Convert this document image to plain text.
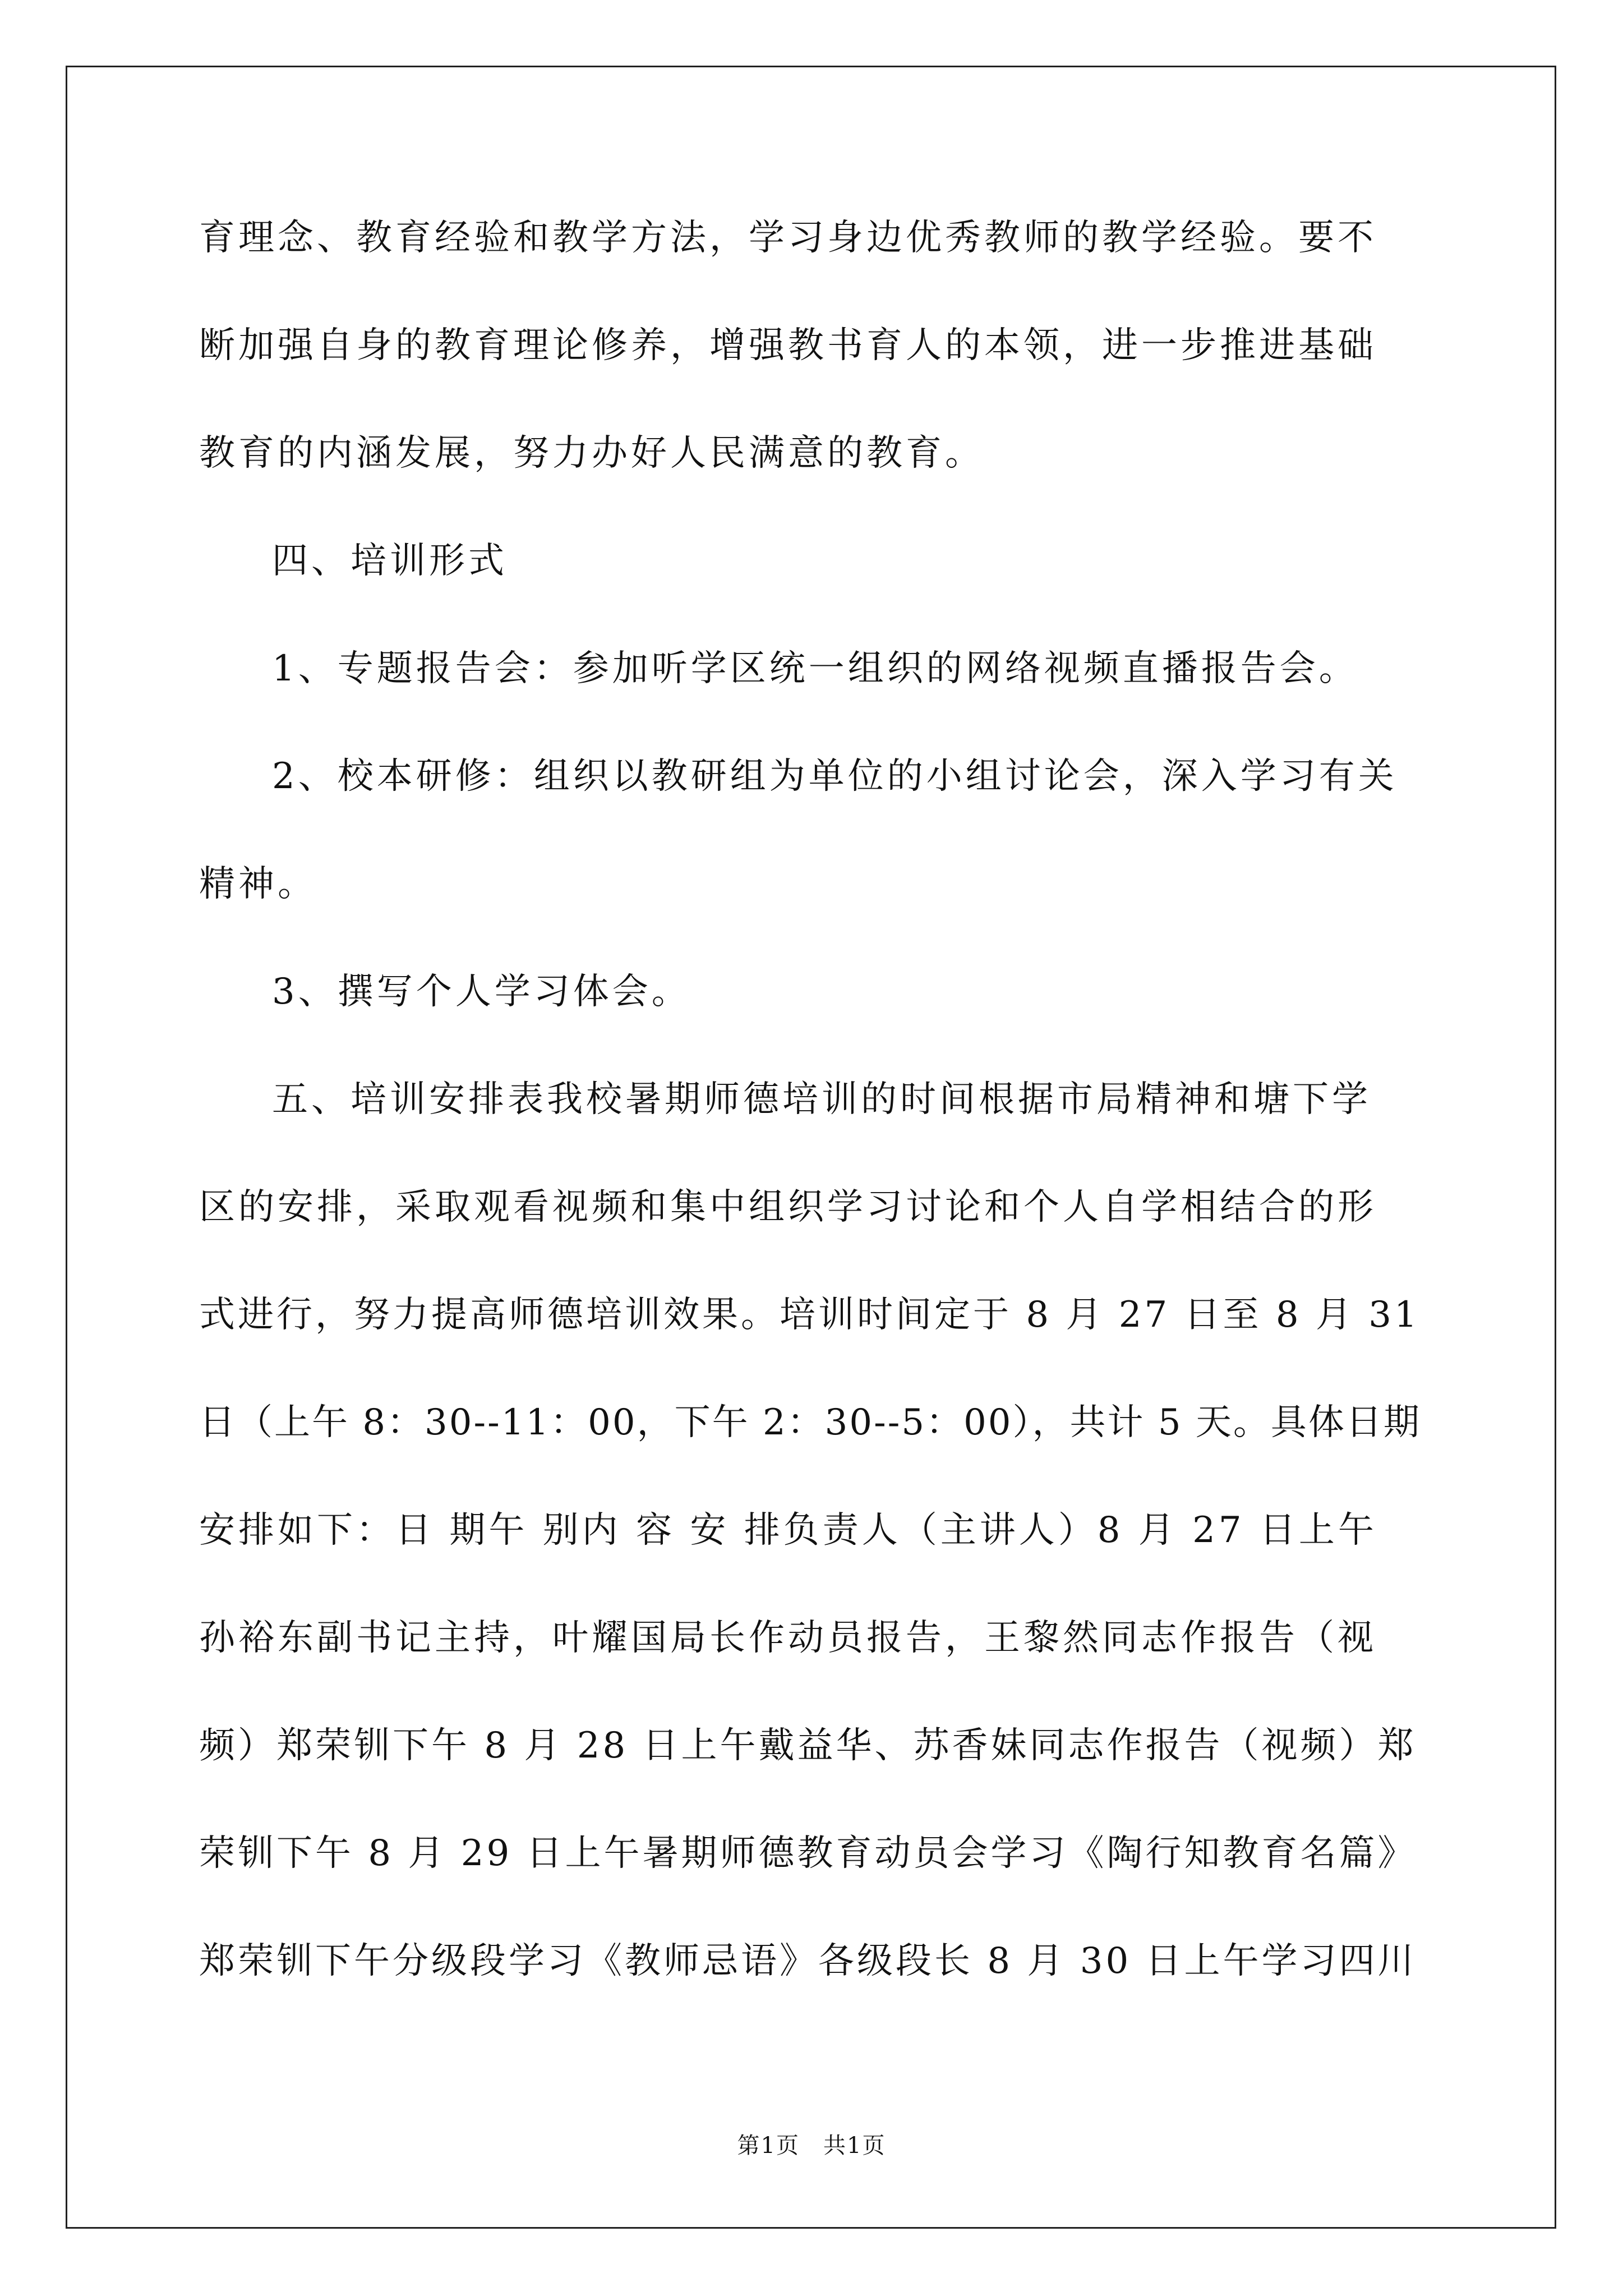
育理念、教育经验和教学方法，学习身边优秀教师的教学经验。要不
断加强自身的教育理论修养，增强教书育人的本领，进一步推进基础
教育的内涵发展，努力办好人民满意的教育。
四、培训形式
1、专题报告会：参加听学区统一组织的网络视频直播报告会。
2、校本研修：组织以教研组为单位的小组讨论会，深入学习有关
精神。
3、撰写个人学习体会。
五、培训安排表我校暑期师德培训的时间根据市局精神和塘下学
区的安排，采取观看视频和集中组织学习讨论和个人自学相结合的形
式进行，努力提高师德培训效果。培训时间定于 8 月 27 日至 8 月 31
日（上午 8：30--11：00，下午 2：30--5：00），共计 5 天。具体日期
安排如下：日 期午 别内 容 安 排负责人（主讲人）8 月 27 日上午
孙裕东副书记主持，叶耀国局长作动员报告，王黎然同志作报告（视
频）郑荣钏下午 8 月 28 日上午戴益华、苏香妹同志作报告（视频）郑
荣钏下午 8 月 29 日上午暑期师德教育动员会学习《陶行知教育名篇》
郑荣钏下午分级段学习《教师忌语》各级段长 8 月 30 日上午学习四川
第1页　共1页
